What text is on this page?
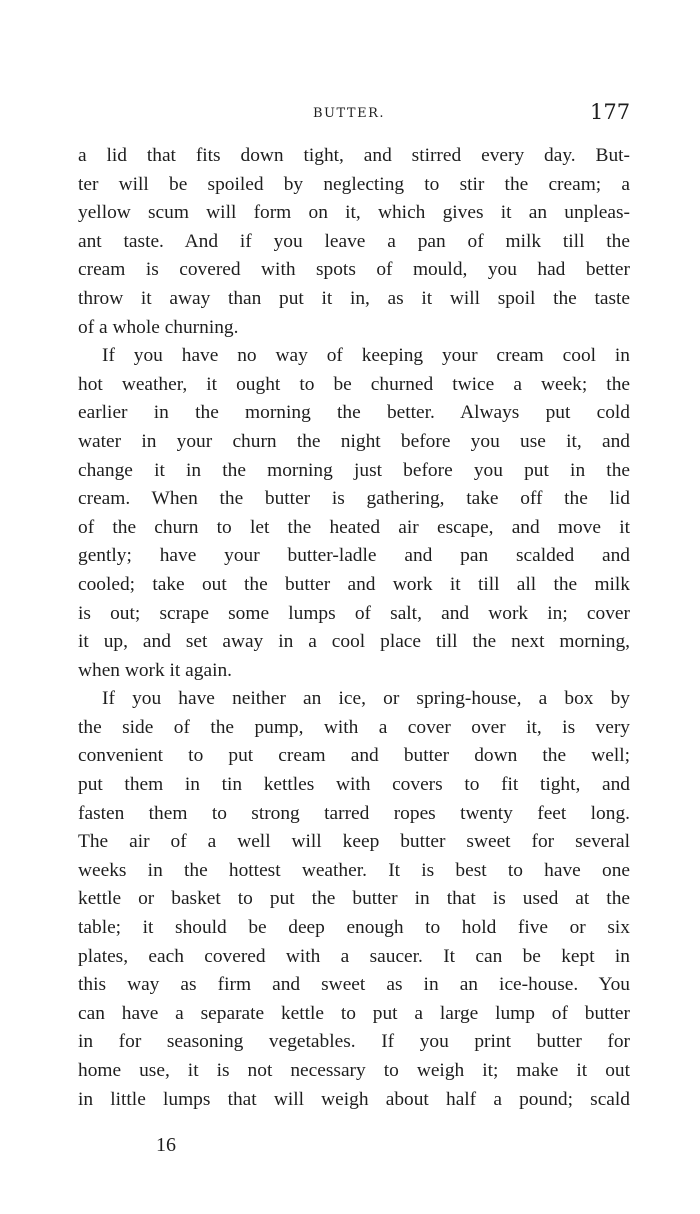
BUTTER.	177
a lid that fits down tight, and stirred every day. But-
ter will be spoiled by neglecting to stir the cream; a
yellow scum will form on it, which gives it an unpleas-
ant taste. And if you leave a pan of milk till the
cream is covered with spots of mould, you had better
throw it away than put it in, as it will spoil the taste
of a whole churning.
If you have no way of keeping your cream cool in
hot weather, it ought to be churned twice a week; the
earlier in the morning the better. Always put cold
water in your churn the night before you use it, and
change it in the morning just before you put in the
cream. When the butter is gathering, take off the lid
of the churn to let the heated air escape, and move it
gently; have your butter-ladle and pan scalded and
cooled; take out the butter and work it till all the milk
is out; scrape some lumps of salt, and work in; cover
it up, and set away in a cool place till the next morning,
when work it again.
If you have neither an ice, or spring-house, a box by
the side of the pump, with a cover over it, is very
convenient to put cream and butter down the well;
put them in tin kettles with covers to fit tight, and
fasten them to strong tarred ropes twenty feet long.
The air of a well will keep butter sweet for several
weeks in the hottest weather. It is best to have one
kettle or basket to put the butter in that is used at the
table; it should be deep enough to hold five or six
plates, each covered with a saucer. It can be kept in
this way as firm and sweet as in an ice-house. You
can have a separate kettle to put a large lump of butter
in for seasoning vegetables. If you print butter for
home use, it is not necessary to weigh it; make it out
in little lumps that will weigh about half a pound; scald
16
